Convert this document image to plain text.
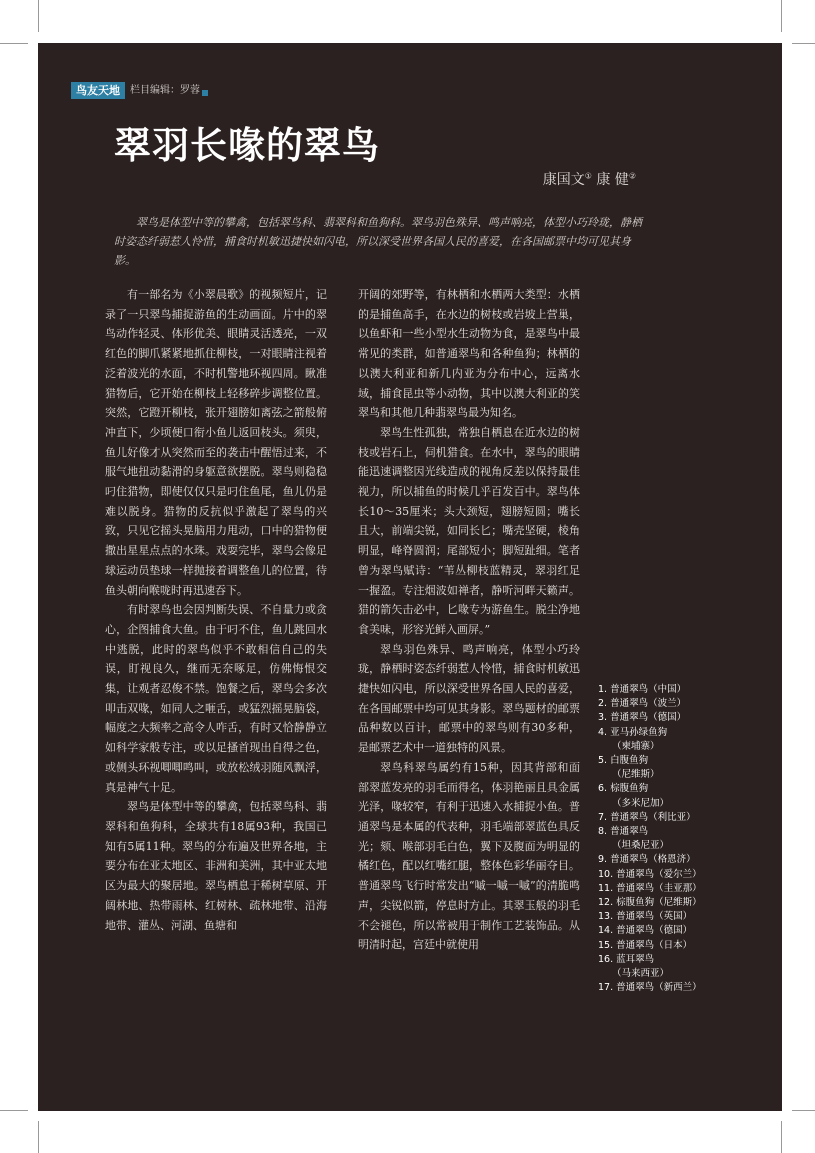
鸟友天地	栏目编辑：罗蓉
翠羽长喙的翠鸟
康国文① 康 健②

翠鸟是体型中等的攀禽，包括翠鸟科、翡翠科和鱼狗科。翠鸟羽色殊异、鸣声响亮，体型小巧玲珑，静栖时姿态纤弱惹人怜惜，捕食时机敏迅捷快如闪电，所以深受世界各国人民的喜爱，在各国邮票中均可见其身影。

有一部名为《小翠晨歌》的视频短片，记录了一只翠鸟捕捉游鱼的生动画面。片中的翠鸟动作轻灵、体形优美、眼睛灵活透亮，一双红色的脚爪紧紧地抓住柳枝，一对眼睛注视着泛着波光的水面，不时机警地环视四周。瞅准猎物后，它开始在柳枝上轻移碎步调整位置。突然，它蹬开柳枝，张开翅膀如离弦之箭般俯冲直下，少顷便口衔小鱼儿返回枝头。须臾，鱼儿好像才从突然而至的袭击中醒悟过来，不服气地扭动黏滑的身躯意欲摆脱。翠鸟则稳稳叼住猎物，即使仅仅只是叼住鱼尾，鱼儿仍是难以脱身。猎物的反抗似乎激起了翠鸟的兴致，只见它摇头晃脑用力甩动，口中的猎物便撒出星星点点的水珠。戏耍完毕，翠鸟会像足球运动员垫球一样抛接着调整鱼儿的位置，待鱼头朝向喉咙时再迅速吞下。

有时翠鸟也会因判断失误、不自量力或贪心，企图捕食大鱼。由于叼不住，鱼儿跳回水中逃脱，此时的翠鸟似乎不敢相信自己的失误，盯视良久，继而无奈啄足，仿佛悔恨交集，让观者忍俊不禁。饱餐之后，翠鸟会多次叩击双喙，如同人之咂舌，或猛烈摇晃脑袋，幅度之大频率之高令人咋舌，有时又恰静静立如科学家般专注，或以足搔首现出自得之色，或侧头环视唧唧鸣叫，或放松绒羽随风飘浮，真是神气十足。

翠鸟是体型中等的攀禽，包括翠鸟科、翡翠科和鱼狗科，全球共有18属93种，我国已知有5属11种。翠鸟的分布遍及世界各地，主要分布在亚太地区、非洲和美洲，其中亚太地区为最大的聚居地。翠鸟栖息于稀树草原、开阔林地、热带雨林、红树林、疏林地带、沿海地带、灌丛、河湖、鱼塘和

开阔的郊野等，有林栖和水栖两大类型：水栖的是捕鱼高手，在水边的树枝或岩坡上营巢，以鱼虾和一些小型水生动物为食，是翠鸟中最常见的类群，如普通翠鸟和各种鱼狗；林栖的以澳大利亚和新几内亚为分布中心，远离水域，捕食昆虫等小动物，其中以澳大利亚的笑翠鸟和其他几种翡翠鸟最为知名。

翠鸟生性孤独，常独自栖息在近水边的树枝或岩石上，伺机猎食。在水中，翠鸟的眼睛能迅速调整因光线造成的视角反差以保持最佳视力，所以捕鱼的时候几乎百发百中。翠鸟体长10～35厘米；头大颈短，翅膀短圆；嘴长且大，前端尖锐，如同长匕；嘴壳坚硬，棱角明显，峰脊圆润；尾部短小；脚短趾细。笔者曾为翠鸟赋诗：“苇丛柳枝蓝精灵，翠羽红足一握盈。专注烟波如禅者，静听河畔天籁声。猎的箭矢击必中，匕喙专为游鱼生。脱尘净地食美味，形容光鲜入画屏。”

翠鸟羽色殊异、鸣声响亮，体型小巧玲珑，静栖时姿态纤弱惹人怜惜，捕食时机敏迅捷快如闪电，所以深受世界各国人民的喜爱，在各国邮票中均可见其身影。翠鸟题材的邮票品种数以百计，邮票中的翠鸟则有30多种，是邮票艺术中一道独特的风景。

翠鸟科翠鸟属约有15种，因其背部和面部翠蓝发亮的羽毛而得名，体羽艳丽且具金属光泽，喙较窄，有利于迅速入水捕捉小鱼。普通翠鸟是本属的代表种，羽毛端部翠蓝色具反光；颏、喉部羽毛白色，翼下及腹面为明显的橘红色，配以红嘴红腿，整体色彩华丽夺目。普通翠鸟飞行时常发出“嘁一嘁一嘁”的清脆鸣声，尖锐似箭，停息时方止。其翠玉般的羽毛不会褪色，所以常被用于制作工艺装饰品。从明清时起，宫廷中就使用

1. 普通翠鸟（中国）
2. 普通翠鸟（波兰）
3. 普通翠鸟（德国）
4. 亚马孙绿鱼狗
（柬埔寨）
5. 白腹鱼狗
（尼维斯）
6. 棕腹鱼狗
（多米尼加）
7. 普通翠鸟（利比亚）
8. 普通翠鸟
（坦桑尼亚）
9. 普通翠鸟（格恩济）
10. 普通翠鸟（爱尔兰）
11. 普通翠鸟（圭亚那）
12. 棕腹鱼狗（尼维斯）
13. 普通翠鸟（英国）
14. 普通翠鸟（德国）
15. 普通翠鸟（日本）
16. 蓝耳翠鸟
（马来西亚）
17. 普通翠鸟（新西兰）
